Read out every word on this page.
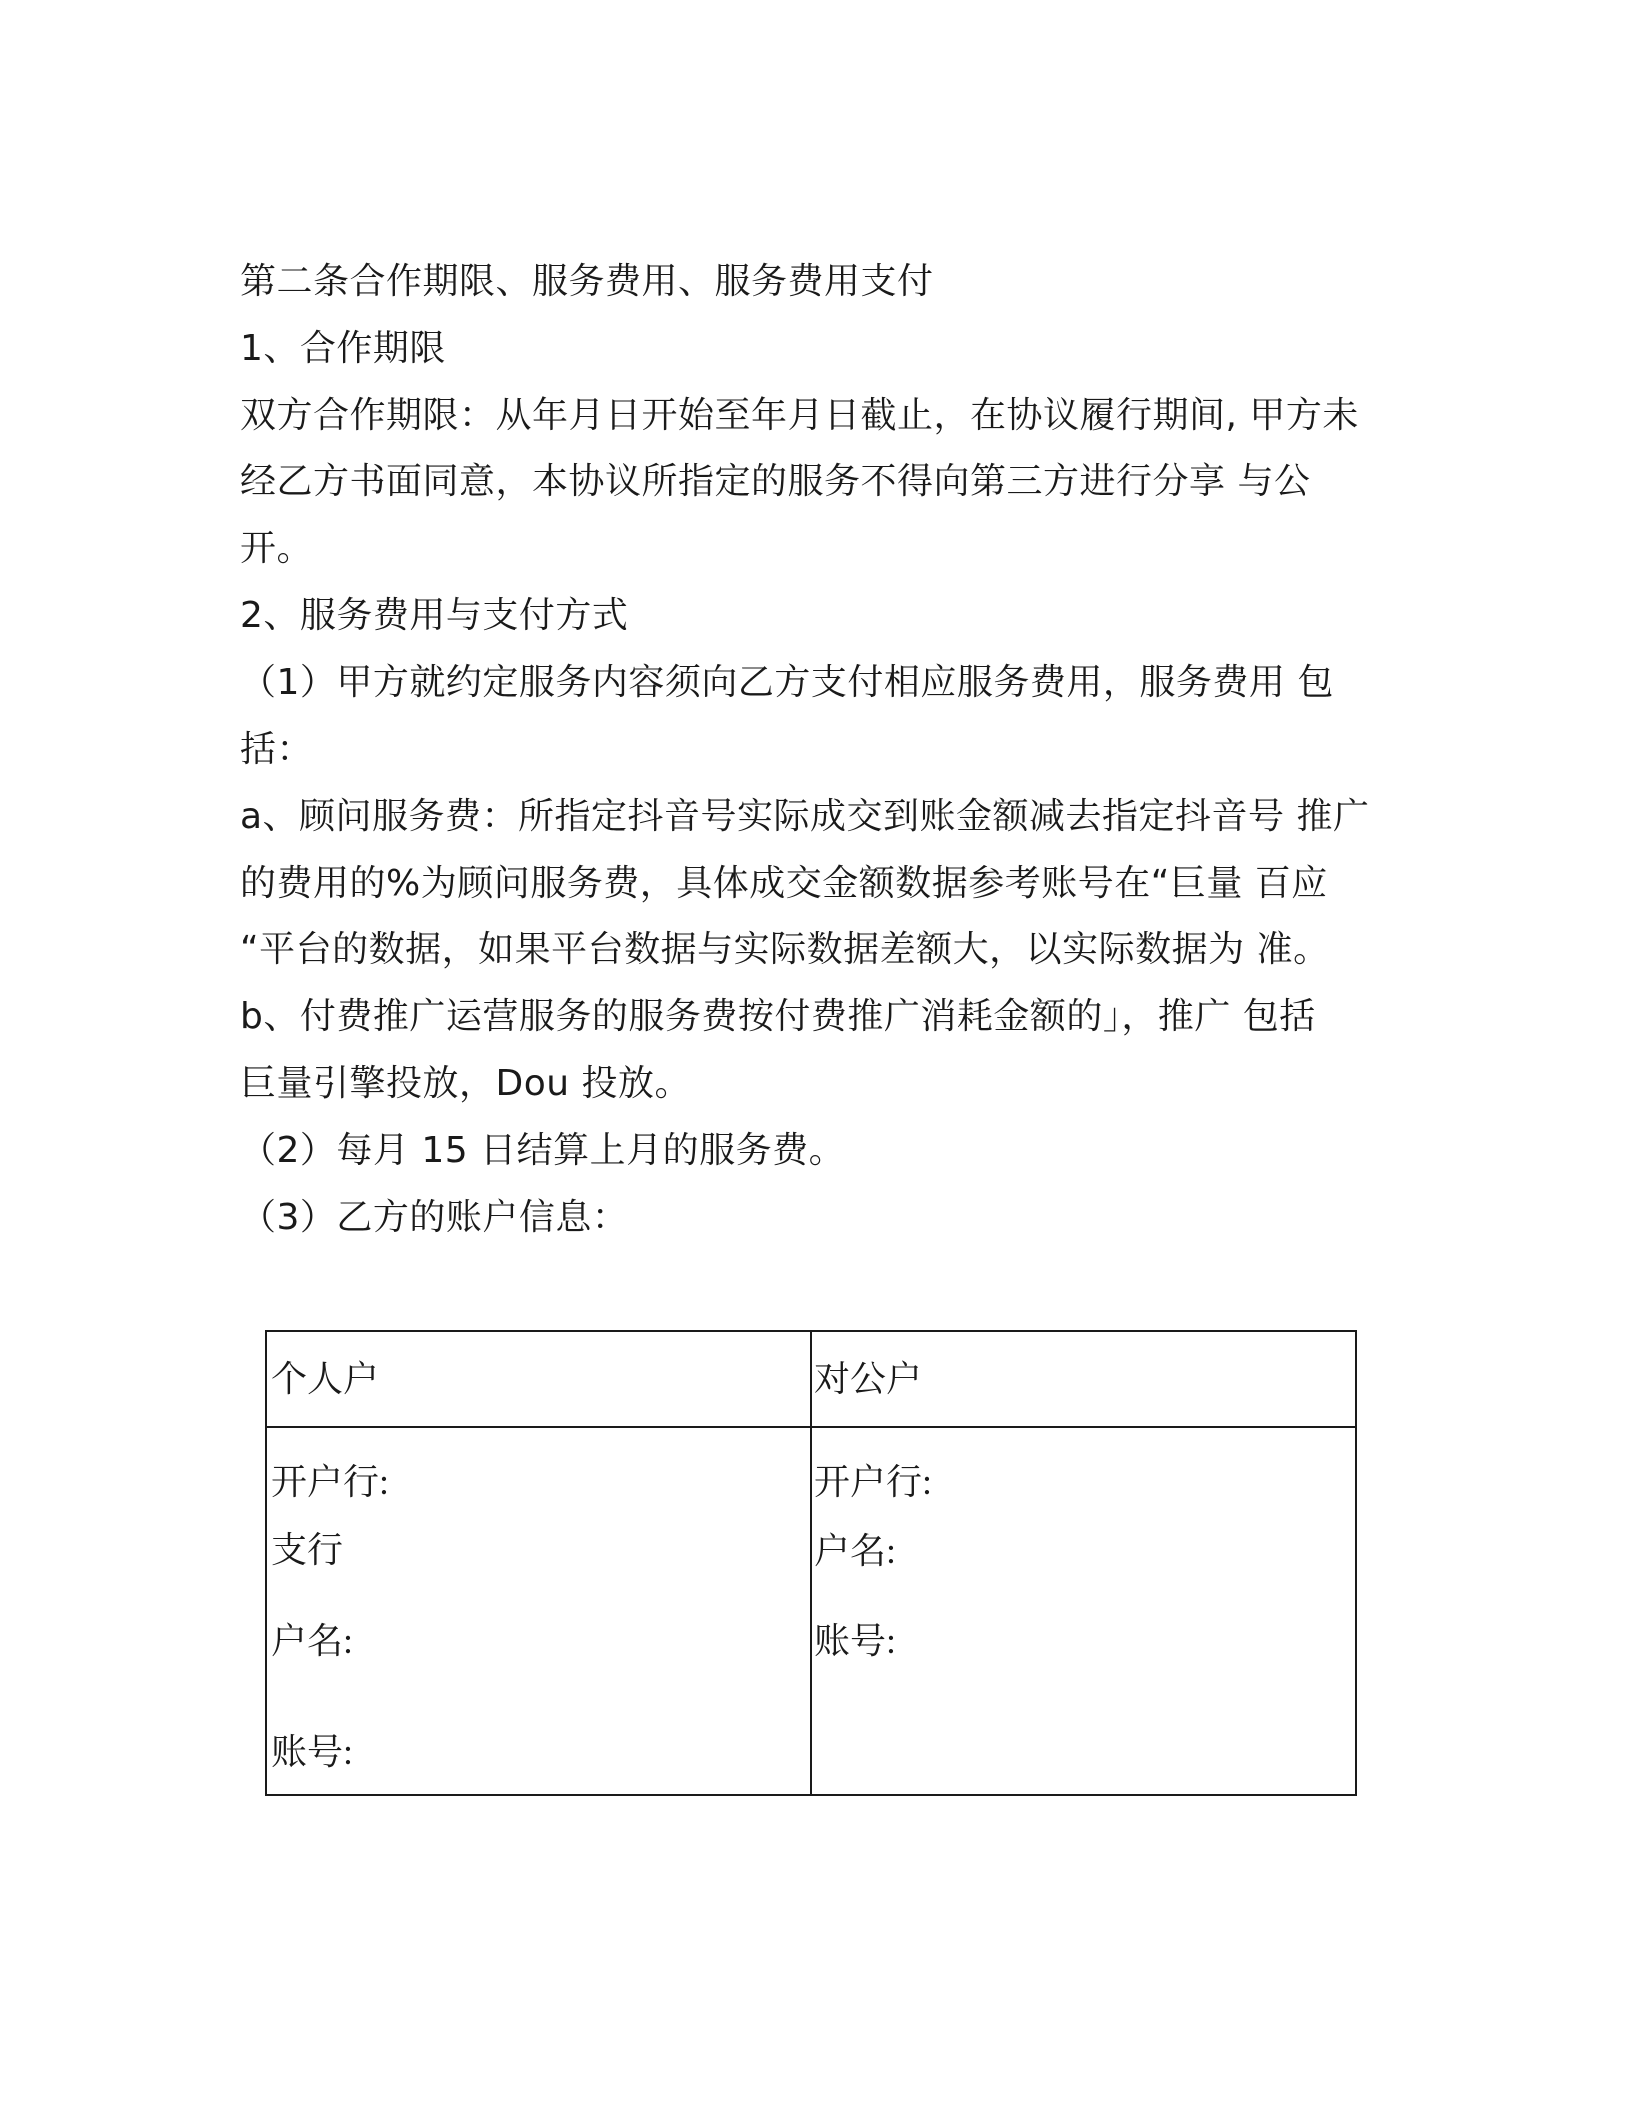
第二条合作期限、服务费用、服务费用支付
1、合作期限
双方合作期限：从年月日开始至年月日截止，在协议履行期间, 甲方未
经乙方书面同意，本协议所指定的服务不得向第三方进行分享 与公
开。
2、服务费用与支付方式
（1）甲方就约定服务内容须向乙方支付相应服务费用，服务费用 包
括：
a、顾问服务费：所指定抖音号实际成交到账金额减去指定抖音号 推广
的费用的%为顾问服务费，具体成交金额数据参考账号在“巨量 百应
“平台的数据，如果平台数据与实际数据差额大，以实际数据为 准。
b、付费推广运营服务的服务费按付费推广消耗金额的」，推广 包括
巨量引擎投放，Dou 投放。
（2）每月 15 日结算上月的服务费。
（3）乙方的账户信息：
个人户	对公户
开户行:
支行
户名:
账号:
开户行:
户名:
账号:
